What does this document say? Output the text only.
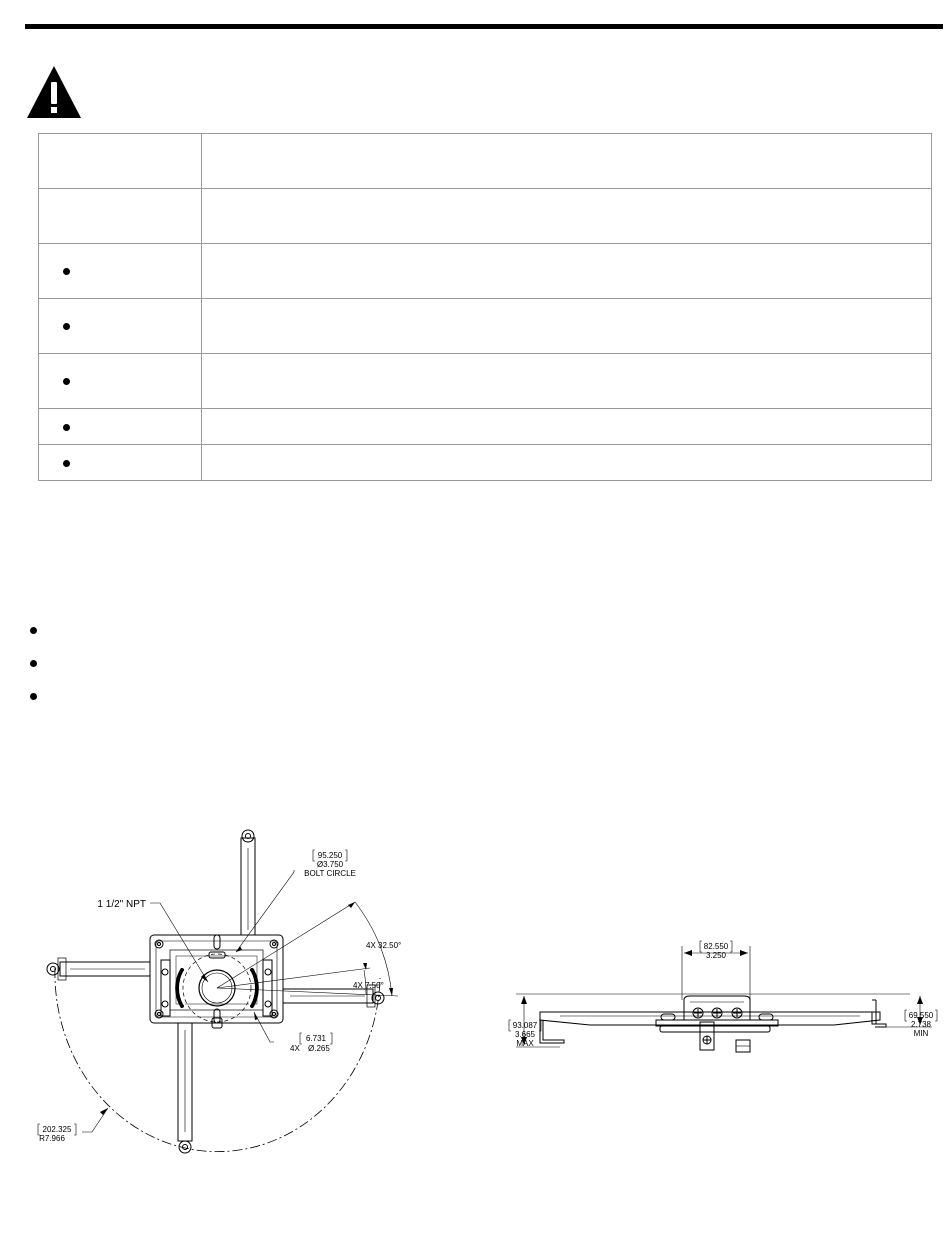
1 1/2" NPT
95.250
Ø3.750
BOLT CIRCLE
4X 32.50°
4X 7.50°
6.731
4X Ø.265
202.325
R7.966
82.550
3.250
93.087
3.665
MAX
69.550
2.738
MIN
